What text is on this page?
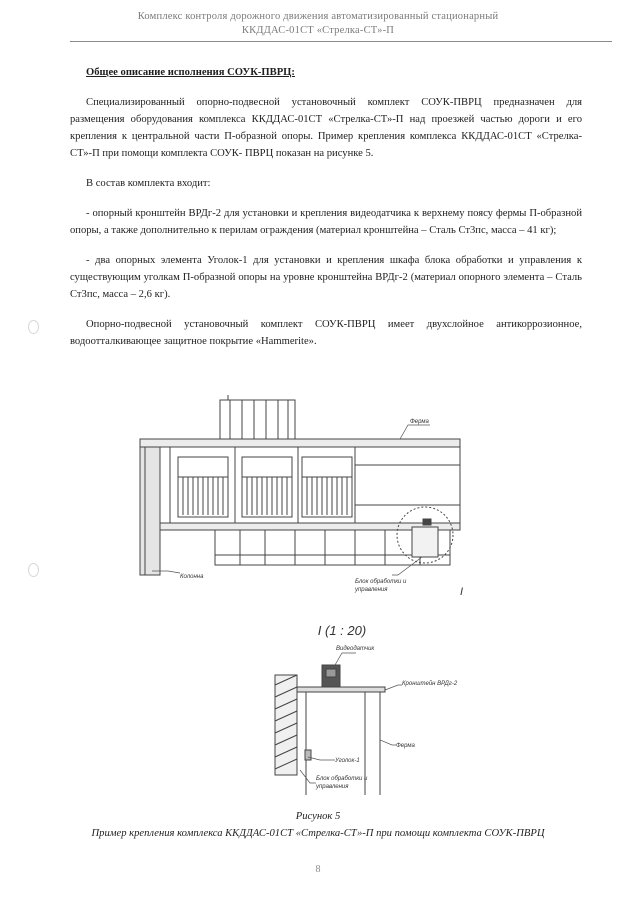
Комплекс контроля дорожного движения автоматизированный стационарный
ККДДАС-01СТ «Стрелка-СТ»-П
Общее описание исполнения СОУК-ПВРЦ:
Специализированный опорно-подвесной установочный комплект СОУК-ПВРЦ предназначен для размещения оборудования комплекса ККДДАС-01СТ «Стрелка-СТ»-П над проезжей частью дороги и его крепления к центральной части П-образной опоры. Пример крепления комплекса ККДДАС-01СТ «Стрелка-СТ»-П при помощи комплекта СОУК- ПВРЦ показан на рисунке 5.
В состав комплекта входит:
- опорный кронштейн ВРДг-2 для установки и крепления видеодатчика к верхнему поясу фермы П-образной опоры, а также дополнительно к перилам ограждения (материал кронштейна – Сталь Ст3пс, масса – 41 кг);
- два опорных элемента Уголок-1 для установки и крепления шкафа блока обработки и управления к существующим уголкам П-образной опоры на уровне кронштейна ВРДг-2 (материал опорного элемента – Сталь Ст3пс, масса – 2,6 кг).
Опорно-подвесной установочный комплект СОУК-ПВРЦ имеет двухслойное антикоррозионное, водоотталкивающее защитное покрытие «Hammerite».
Ферма
Колонна
Блок обработки и
управления	I
I (1 : 20)
Видеодатчик
Кронштейн ВРДг-2
Ферма
Уголок-1
Блок обработки и
управления
Рисунок 5
Пример крепления комплекса ККДДАС-01СТ «Стрелка-СТ»-П при помощи комплекта СОУК-ПВРЦ
8
